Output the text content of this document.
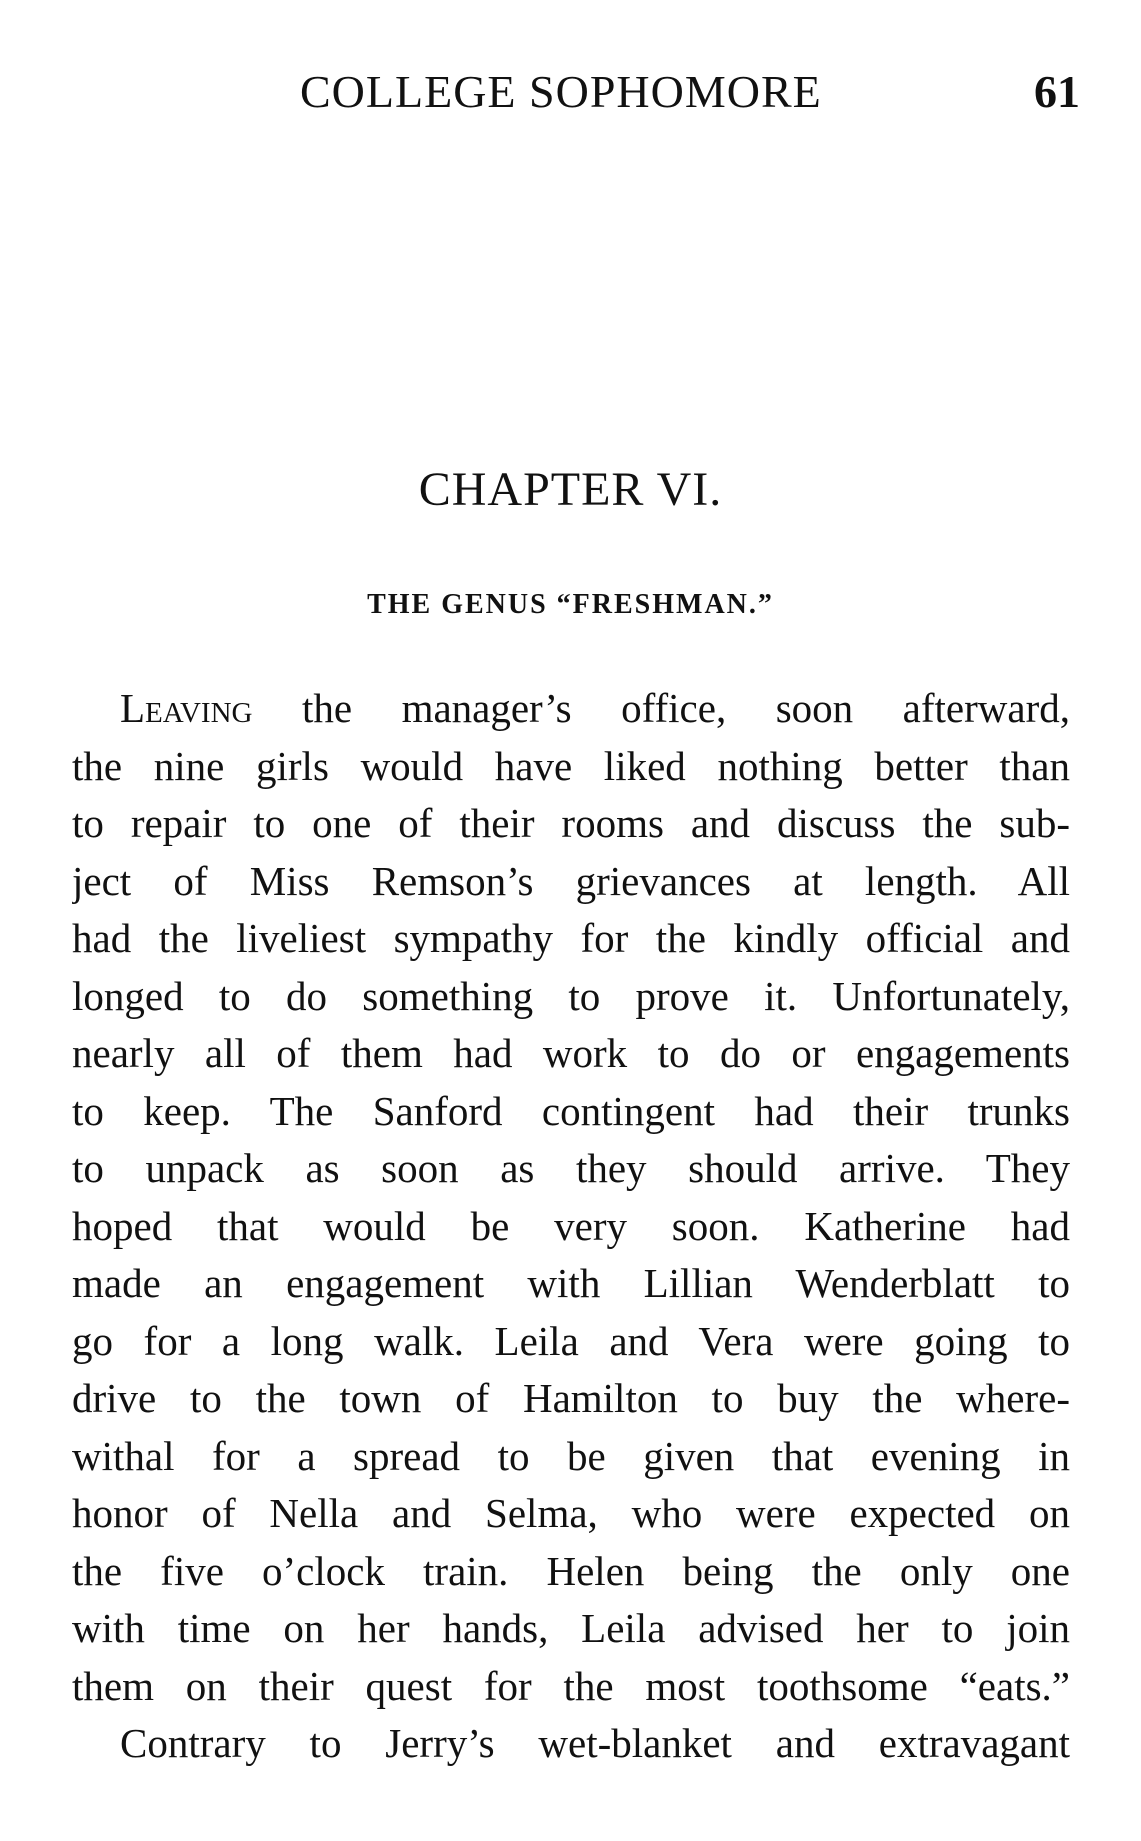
COLLEGE SOPHOMORE	61
CHAPTER VI.
THE GENUS “FRESHMAN.”
Leaving the manager’s office, soon afterward,
the nine girls would have liked nothing better than
to repair to one of their rooms and discuss the sub-
ject of Miss Remson’s grievances at length. All
had the liveliest sympathy for the kindly official and
longed to do something to prove it. Unfortunately,
nearly all of them had work to do or engagements
to keep. The Sanford contingent had their trunks
to unpack as soon as they should arrive. They
hoped that would be very soon. Katherine had
made an engagement with Lillian Wenderblatt to
go for a long walk. Leila and Vera were going to
drive to the town of Hamilton to buy the where-
withal for a spread to be given that evening in
honor of Nella and Selma, who were expected on
the five o’clock train. Helen being the only one
with time on her hands, Leila advised her to join
them on their quest for the most toothsome “eats.”
Contrary to Jerry’s wet-blanket and extravagant
